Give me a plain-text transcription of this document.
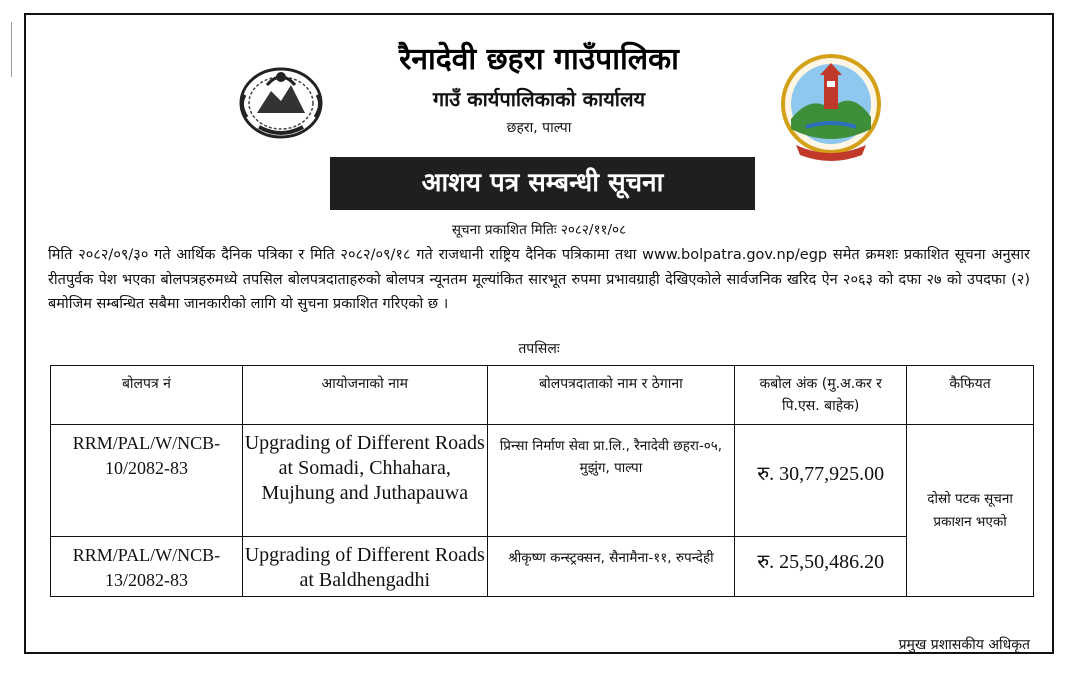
रैनादेवी छहरा गाउँपालिका
गाउँ कार्यपालिकाको कार्यालय
छहरा, पाल्पा
आशय पत्र सम्बन्धी सूचना
सूचना प्रकाशित मितिः २०८२/११/०८
मिति २०८२/०९/३० गते आर्थिक दैनिक पत्रिका र मिति २०८२/०९/१८ गते राजधानी राष्ट्रिय दैनिक पत्रिकामा तथा www.bolpatra.gov.np/egp समेत क्रमशः प्रकाशित सूचना अनुसार रीतपुर्वक पेश भएका बोलपत्रहरुमध्ये तपसिल बोलपत्रदाताहरुको बोलपत्र न्यूनतम मूल्यांकित सारभूत रुपमा प्रभावग्राही देखिएकोले सार्वजनिक खरिद ऐन २०६३ को दफा २७ को उपदफा (२) बमोजिम सम्बन्धित सबैमा जानकारीको लागि यो सुचना प्रकाशित गरिएको छ ।
तपसिलः
बोलपत्र नं	आयोजनाको नाम	बोलपत्रदाताको नाम र ठेगाना	कबोल अंक (मु.अ.कर र पि.एस. बाहेक)	कैफियत
RRM/PAL/W/NCB-10/2082-83	Upgrading of Different Roads at Somadi, Chhahara, Mujhung and Juthapauwa	प्रिन्सा निर्माण सेवा प्रा.लि., रैनादेवी छहरा-०५, मुझुंग, पाल्पा	रु. 30,77,925.00	दोस्रो पटक सूचना प्रकाशन भएको
RRM/PAL/W/NCB-13/2082-83	Upgrading of Different Roads at Baldhengadhi	श्रीकृष्ण कन्स्ट्रक्सन, सैनामैना-११, रुपन्देही	रु. 25,50,486.20	
प्रमुख प्रशासकीय अधिकृत
